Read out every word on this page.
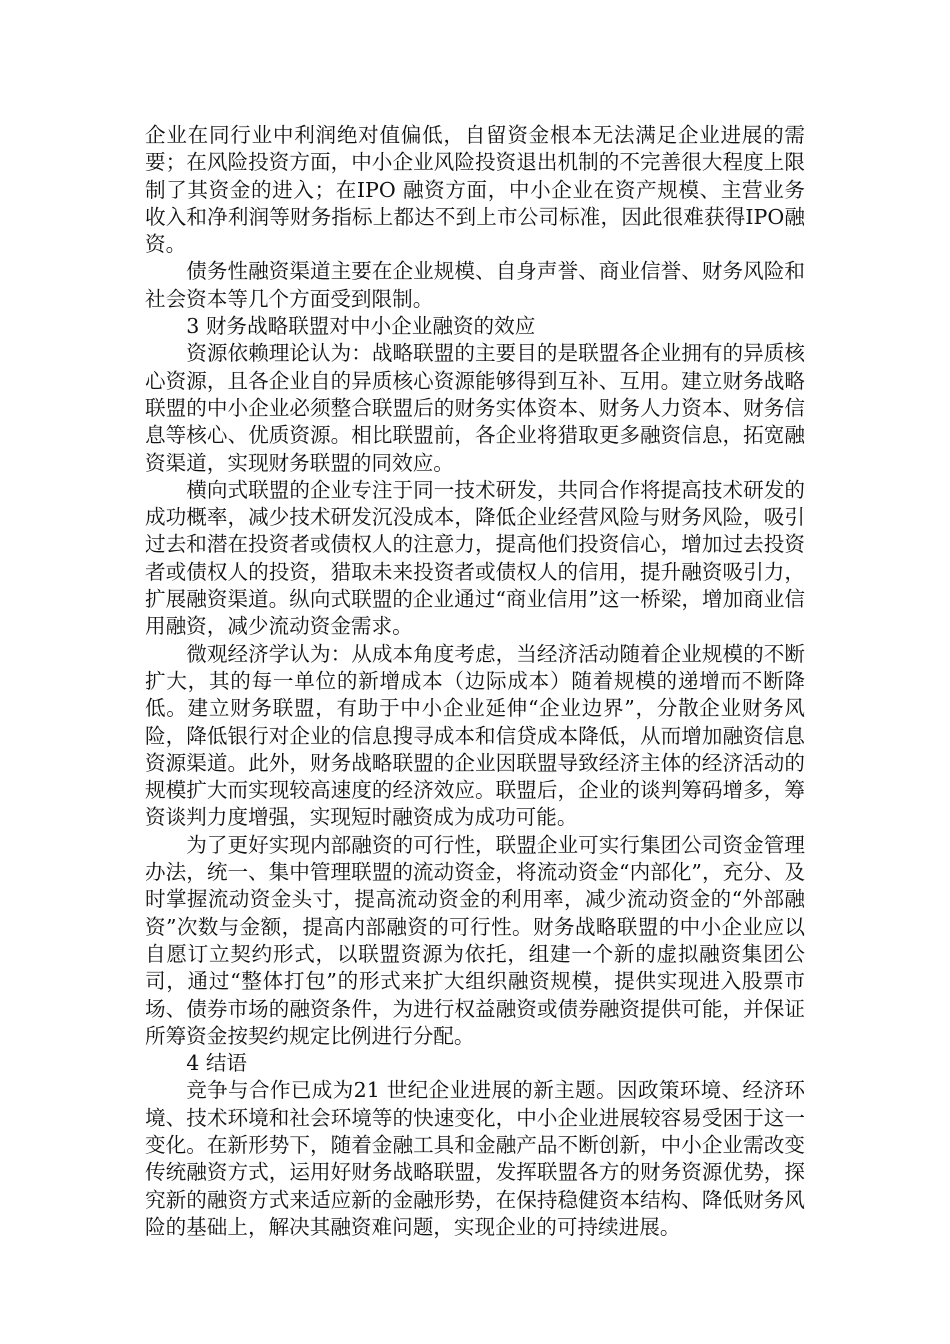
企业在同行业中利润绝对值偏低，自留资金根本无法满足企业进展的需要；在风险投资方面，中小企业风险投资退出机制的不完善很大程度上限制了其资金的进入；在IPO 融资方面，中小企业在资产规模、主营业务收入和净利润等财务指标上都达不到上市公司标准，因此很难获得IPO融资。

债务性融资渠道主要在企业规模、自身声誉、商业信誉、财务风险和社会资本等几个方面受到限制。

3 财务战略联盟对中小企业融资的效应

资源依赖理论认为：战略联盟的主要目的是联盟各企业拥有的异质核心资源，且各企业自的异质核心资源能够得到互补、互用。建立财务战略联盟的中小企业必须整合联盟后的财务实体资本、财务人力资本、财务信息等核心、优质资源。相比联盟前，各企业将猎取更多融资信息，拓宽融资渠道，实现财务联盟的同效应。

横向式联盟的企业专注于同一技术研发，共同合作将提高技术研发的成功概率，减少技术研发沉没成本，降低企业经营风险与财务风险，吸引过去和潜在投资者或债权人的注意力，提高他们投资信心，增加过去投资者或债权人的投资，猎取未来投资者或债权人的信用，提升融资吸引力，扩展融资渠道。纵向式联盟的企业通过“商业信用”这一桥梁，增加商业信用融资，减少流动资金需求。

微观经济学认为：从成本角度考虑，当经济活动随着企业规模的不断扩大，其的每一单位的新增成本（边际成本）随着规模的递增而不断降低。建立财务联盟，有助于中小企业延伸“企业边界”，分散企业财务风险，降低银行对企业的信息搜寻成本和信贷成本降低，从而增加融资信息资源渠道。此外，财务战略联盟的企业因联盟导致经济主体的经济活动的规模扩大而实现较高速度的经济效应。联盟后，企业的谈判筹码增多，筹资谈判力度增强，实现短时融资成为成功可能。

为了更好实现内部融资的可行性，联盟企业可实行集团公司资金管理办法，统一、集中管理联盟的流动资金，将流动资金“内部化”，充分、及时掌握流动资金头寸，提高流动资金的利用率，减少流动资金的“外部融资”次数与金额，提高内部融资的可行性。财务战略联盟的中小企业应以自愿订立契约形式，以联盟资源为依托，组建一个新的虚拟融资集团公司，通过“整体打包”的形式来扩大组织融资规模，提供实现进入股票市场、债券市场的融资条件，为进行权益融资或债券融资提供可能，并保证所筹资金按契约规定比例进行分配。

4 结语

竞争与合作已成为21 世纪企业进展的新主题。因政策环境、经济环境、技术环境和社会环境等的快速变化，中小企业进展较容易受困于这一变化。在新形势下，随着金融工具和金融产品不断创新，中小企业需改变传统融资方式，运用好财务战略联盟，发挥联盟各方的财务资源优势，探究新的融资方式来适应新的金融形势，在保持稳健资本结构、降低财务风险的基础上，解决其融资难问题，实现企业的可持续进展。
